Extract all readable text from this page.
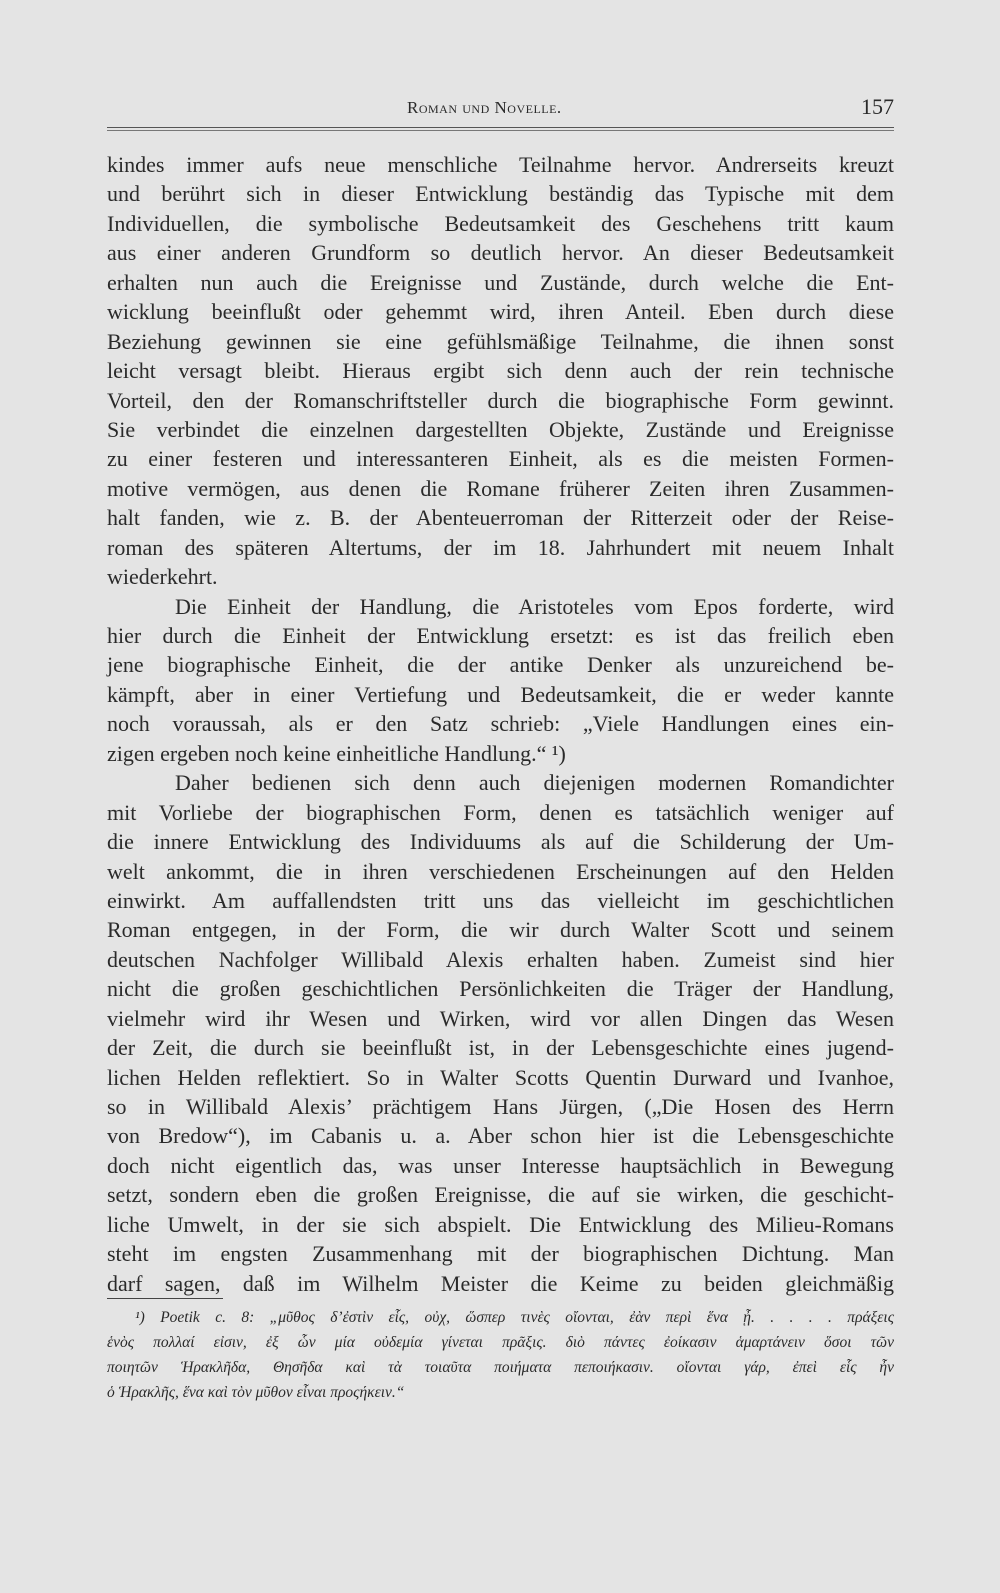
Roman und Novelle.	157
kindes immer aufs neue menschliche Teilnahme hervor. Andrerseits kreuzt
und berührt sich in dieser Entwicklung beständig das Typische mit dem
Individuellen, die symbolische Bedeutsamkeit des Geschehens tritt kaum
aus einer anderen Grundform so deutlich hervor. An dieser Bedeutsamkeit
erhalten nun auch die Ereignisse und Zustände, durch welche die Ent-
wicklung beeinflußt oder gehemmt wird, ihren Anteil. Eben durch diese
Beziehung gewinnen sie eine gefühlsmäßige Teilnahme, die ihnen sonst
leicht versagt bleibt. Hieraus ergibt sich denn auch der rein technische
Vorteil, den der Romanschriftsteller durch die biographische Form gewinnt.
Sie verbindet die einzelnen dargestellten Objekte, Zustände und Ereignisse
zu einer festeren und interessanteren Einheit, als es die meisten Formen-
motive vermögen, aus denen die Romane früherer Zeiten ihren Zusammen-
halt fanden, wie z. B. der Abenteuerroman der Ritterzeit oder der Reise-
roman des späteren Altertums, der im 18. Jahrhundert mit neuem Inhalt
wiederkehrt.
Die Einheit der Handlung, die Aristoteles vom Epos forderte, wird
hier durch die Einheit der Entwicklung ersetzt: es ist das freilich eben
jene biographische Einheit, die der antike Denker als unzureichend be-
kämpft, aber in einer Vertiefung und Bedeutsamkeit, die er weder kannte
noch voraussah, als er den Satz schrieb: „Viele Handlungen eines ein-
zigen ergeben noch keine einheitliche Handlung.“ ¹)
Daher bedienen sich denn auch diejenigen modernen Romandichter
mit Vorliebe der biographischen Form, denen es tatsächlich weniger auf
die innere Entwicklung des Individuums als auf die Schilderung der Um-
welt ankommt, die in ihren verschiedenen Erscheinungen auf den Helden
einwirkt. Am auffallendsten tritt uns das vielleicht im geschichtlichen
Roman entgegen, in der Form, die wir durch Walter Scott und seinem
deutschen Nachfolger Willibald Alexis erhalten haben. Zumeist sind hier
nicht die großen geschichtlichen Persönlichkeiten die Träger der Handlung,
vielmehr wird ihr Wesen und Wirken, wird vor allen Dingen das Wesen
der Zeit, die durch sie beeinflußt ist, in der Lebensgeschichte eines jugend-
lichen Helden reflektiert. So in Walter Scotts Quentin Durward und Ivanhoe,
so in Willibald Alexis’ prächtigem Hans Jürgen, („Die Hosen des Herrn
von Bredow“), im Cabanis u. a. Aber schon hier ist die Lebensgeschichte
doch nicht eigentlich das, was unser Interesse hauptsächlich in Bewegung
setzt, sondern eben die großen Ereignisse, die auf sie wirken, die geschicht-
liche Umwelt, in der sie sich abspielt. Die Entwicklung des Milieu-Romans
steht im engsten Zusammenhang mit der biographischen Dichtung. Man
darf sagen, daß im Wilhelm Meister die Keime zu beiden gleichmäßig
¹) Poetik c. 8: „μῦθος δ’ἐστὶν εἷς, οὐχ, ὥσπερ τινὲς οἴονται, ἐὰν περὶ ἕνα ᾖ. . . . . πράξεις
ἑνὸς πολλαί εἰσιν, ἐξ ὧν μία οὐδεμία γίνεται πρᾶξις. διὸ πάντες ἐοίκασιν ἁμαρτάνειν ὅσοι τῶν
ποιητῶν Ἡρακλῆδα, Θησῆδα καὶ τὰ τοιαῦτα ποιήματα πεποιήκασιν. οἴονται γάρ, ἐπεὶ εἷς ἦν
ὁ Ἡρακλῆς, ἕνα καὶ τὸν μῦθον εἶναι προςήκειν.“
